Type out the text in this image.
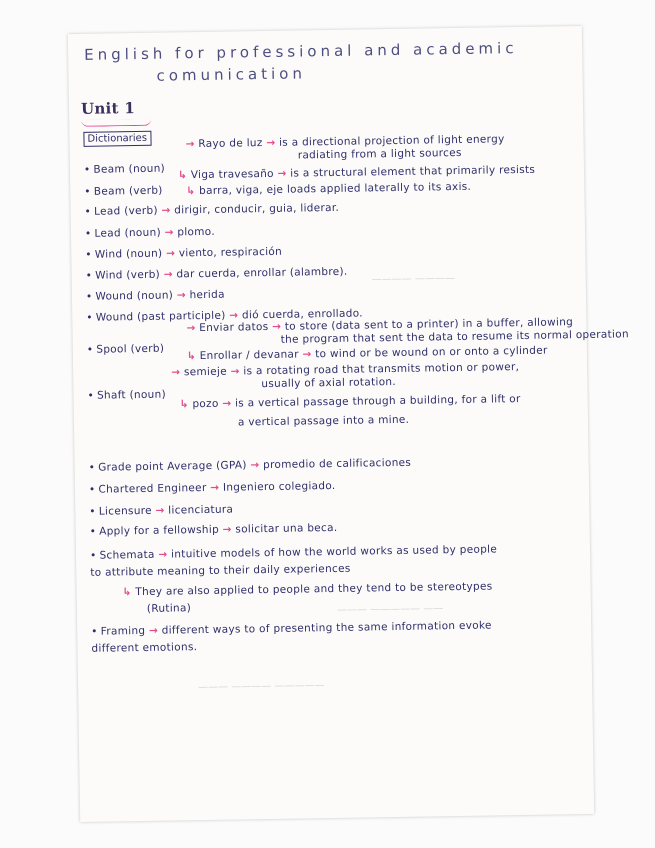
———— ————
——— ————— ——
——— ———— —————
English for professional and academic
comunication
Unit 1
Dictionaries	→ Rayo de luz → is a directional projection of light energy
radiating from a light sources
• Beam (noun)
• Beam (verb)
↳ Viga travesaño → is a structural element that primarily resists
↳ barra, viga, eje loads applied laterally to its axis.
• Lead (verb) → dirigir, conducir, guia, liderar.
• Lead (noun) → plomo.
• Wind (noun) → viento, respiración
• Wind (verb) → dar cuerda, enrollar (alambre).
• Wound (noun) → herida
• Wound (past participle) → dió cuerda, enrollado.
→ Enviar datos → to store (data sent to a printer) in a buffer, allowing
the program that sent the data to resume its normal operation
• Spool (verb)
↳ Enrollar / devanar → to wind or be wound on or onto a cylinder
→ semieje → is a rotating road that transmits motion or power,
usually of axial rotation.
• Shaft (noun)
↳ pozo → is a vertical passage through a building, for a lift or
a vertical passage into a mine.
• Grade point Average (GPA) → promedio de calificaciones
• Chartered Engineer → Ingeniero colegiado.
• Licensure → licenciatura
• Apply for a fellowship → solicitar una beca.
• Schemata → intuitive models of how the world works as used by people
to attribute meaning to their daily experiences
↳ They are also applied to people and they tend to be stereotypes
(Rutina)
• Framing → different ways to of presenting the same information evoke
different emotions.
